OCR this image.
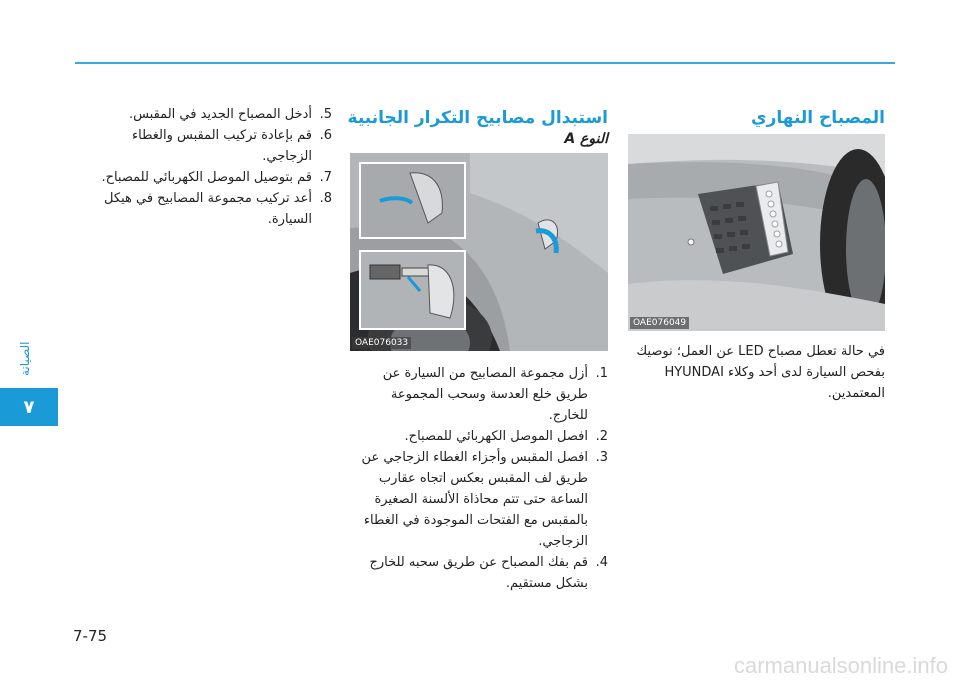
الصيانة
٧
7-75
المصباح النهاري
OAE076049

في حالة تعطل مصباح LED عن العمل؛ نوصيك بفحص السيارة لدى أحد وكلاء HYUNDAI المعتمدين.

استبدال مصابيح التكرار الجانبية
النوع A
OAE076033
1.
أزل مجموعة المصابيح من السيارة عن طريق خلع العدسة وسحب المجموعة للخارج.
2.
افصل الموصل الكهربائي للمصباح.
3.
افصل المقبس وأجزاء الغطاء الزجاجي عن طريق لف المقبس بعكس اتجاه عقارب الساعة حتى تتم محاذاة الألسنة الصغيرة بالمقبس مع الفتحات الموجودة في الغطاء الزجاجي.
4.
قم بفك المصباح عن طريق سحبه للخارج بشكل مستقيم.
5.
أدخل المصباح الجديد في المقبس.
6.
قم بإعادة تركيب المقبس والغطاء الزجاجي.
7.
قم بتوصيل الموصل الكهربائي للمصباح.
8.
أعد تركيب مجموعة المصابيح في هيكل السيارة.
carmanualsonline.info
